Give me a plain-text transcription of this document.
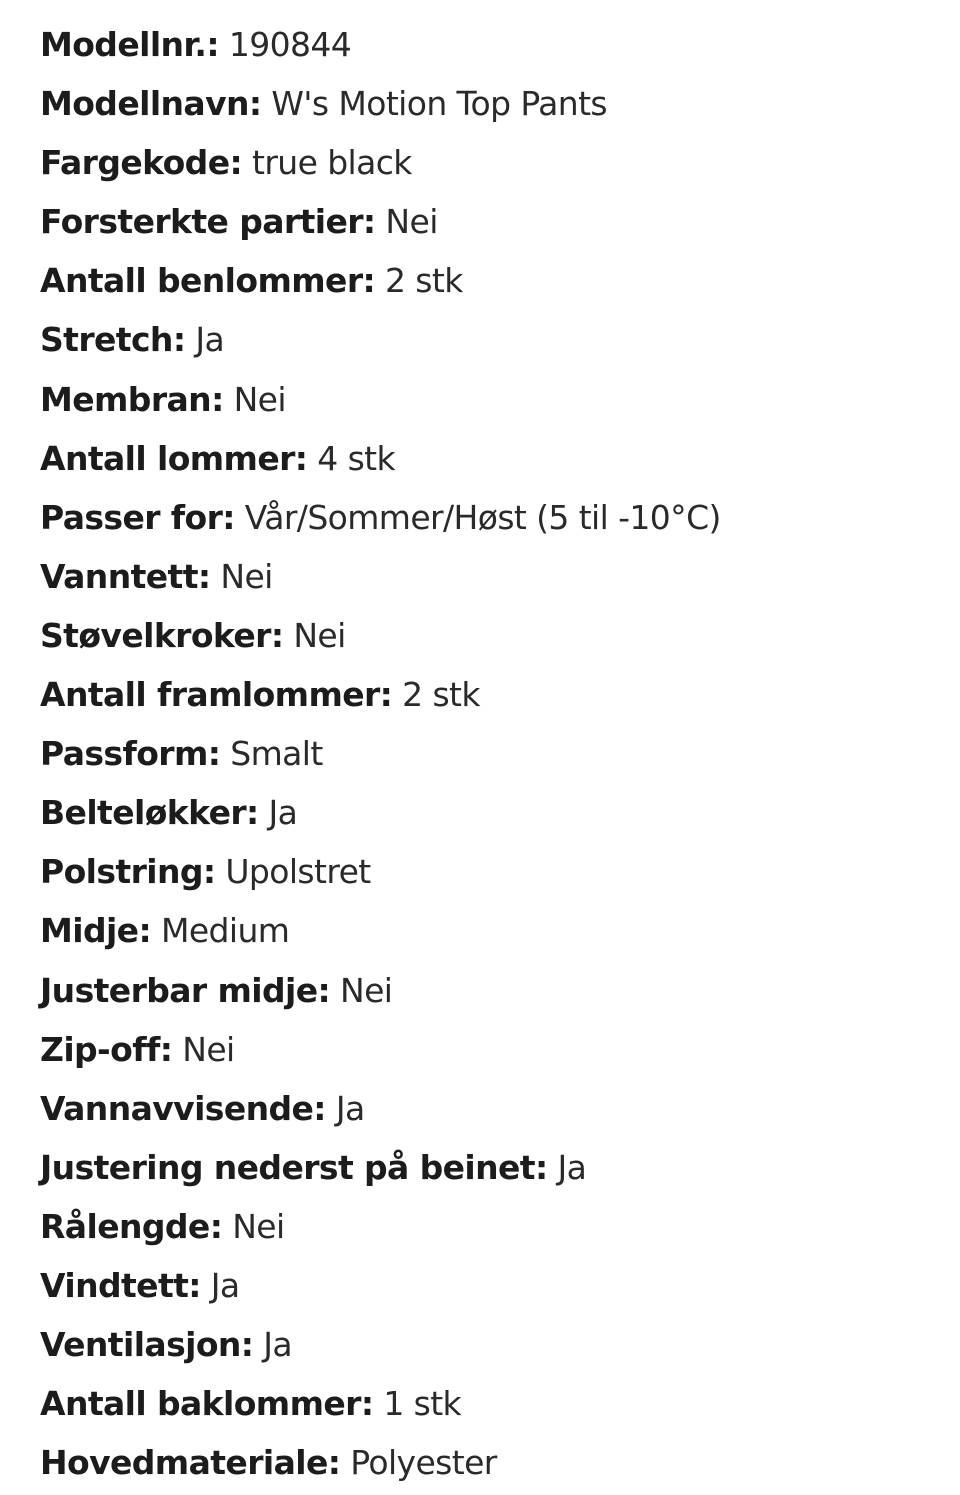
Modellnr.: 190844
Modellnavn: W's Motion Top Pants
Fargekode: true black
Forsterkte partier: Nei
Antall benlommer: 2 stk
Stretch: Ja
Membran: Nei
Antall lommer: 4 stk
Passer for: Vår/Sommer/Høst (5 til -10°C)
Vanntett: Nei
Støvelkroker: Nei
Antall framlommer: 2 stk
Passform: Smalt
Belteløkker: Ja
Polstring: Upolstret
Midje: Medium
Justerbar midje: Nei
Zip-off: Nei
Vannavvisende: Ja
Justering nederst på beinet: Ja
Rålengde: Nei
Vindtett: Ja
Ventilasjon: Ja
Antall baklommer: 1 stk
Hovedmateriale: Polyester
